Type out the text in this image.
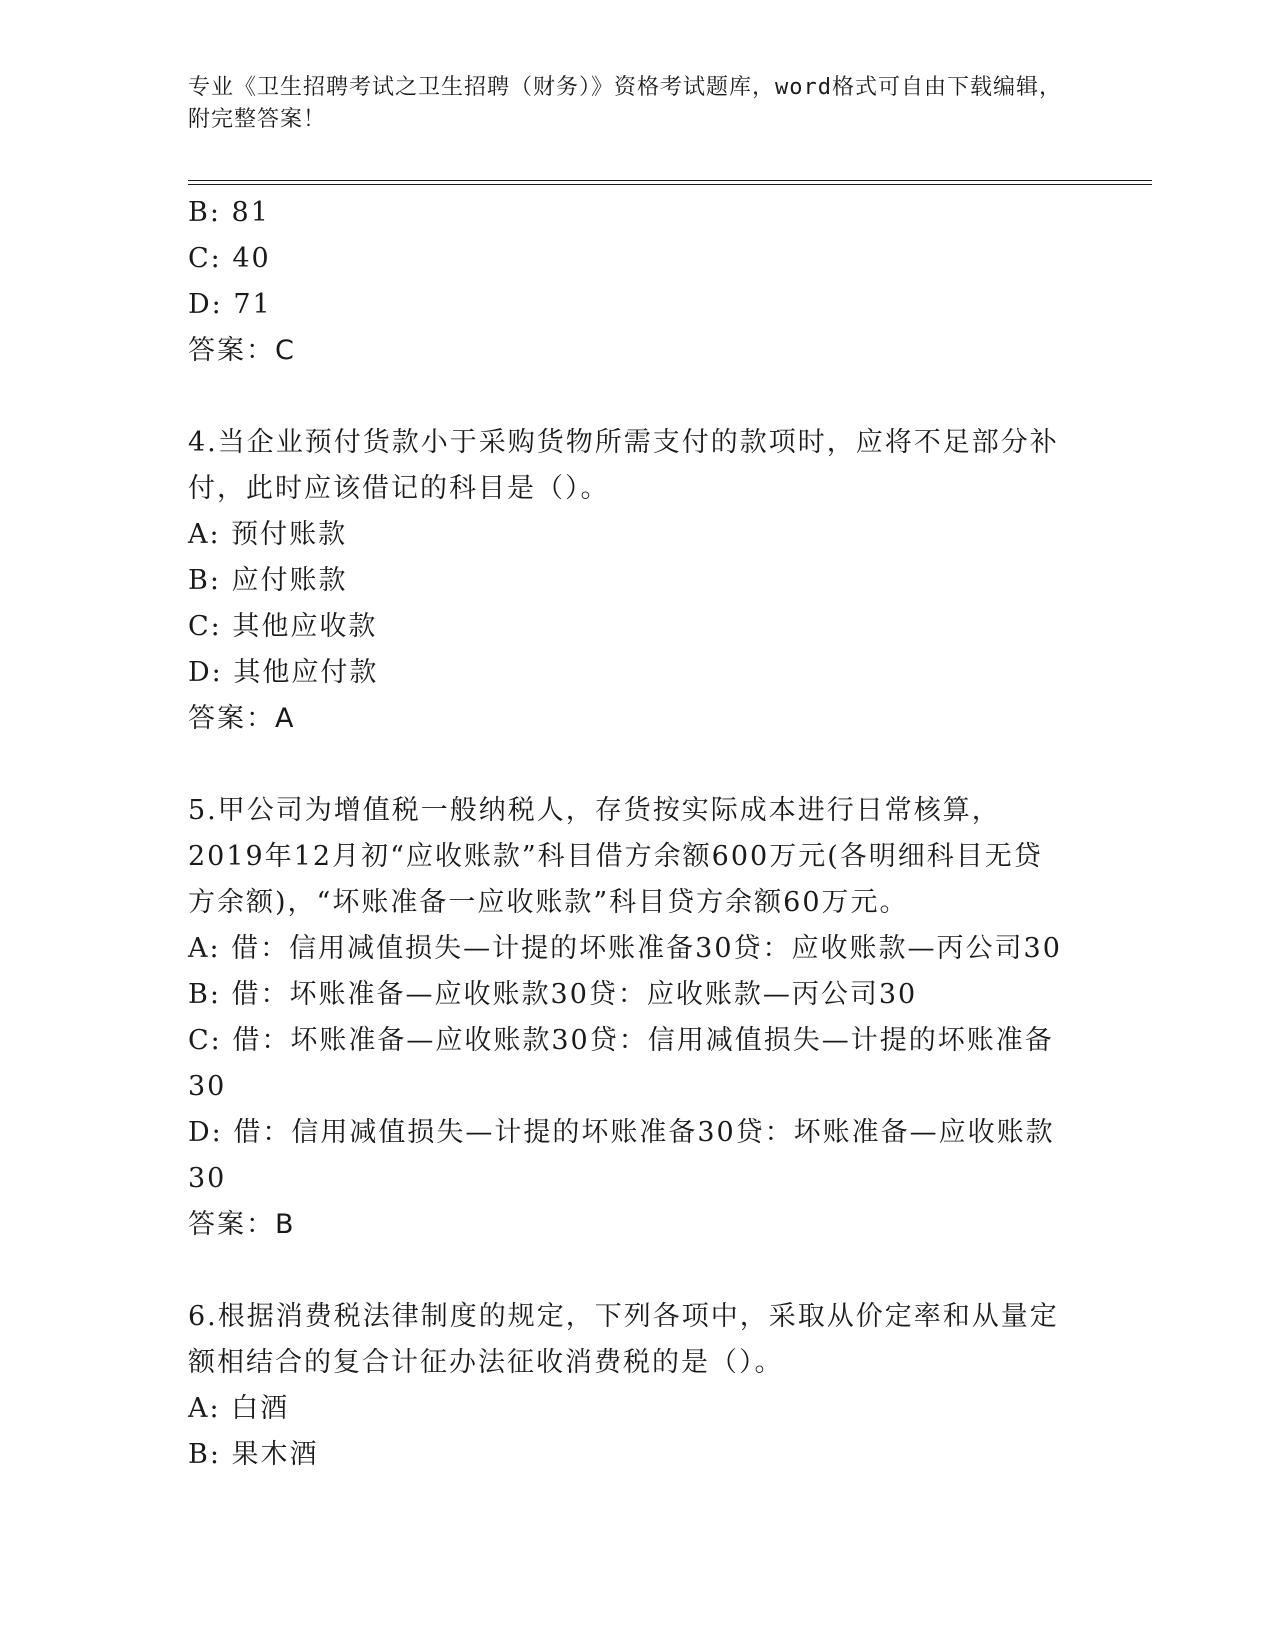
专业《卫生招聘考试之卫生招聘（财务）》资格考试题库，word格式可自由下载编辑，附完整答案！
B: 81
C: 40
D: 71
答案：C
4.当企业预付货款小于采购货物所需支付的款项时，应将不足部分补付，此时应该借记的科目是（）。
A: 预付账款
B: 应付账款
C: 其他应收款
D: 其他应付款
答案：A
5.甲公司为增值税一般纳税人，存货按实际成本进行日常核算，2019年12月初“应收账款”科目借方余额600万元(各明细科目无贷方余额)，“坏账准备一应收账款”科目贷方余额60万元。
A: 借：信用减值损失—计提的坏账准备30贷：应收账款—丙公司30
B: 借：坏账准备—应收账款30贷：应收账款—丙公司30
C: 借：坏账准备—应收账款30贷：信用减值损失—计提的坏账准备30
D: 借：信用减值损失—计提的坏账准备30贷：坏账准备—应收账款30
答案：B
6.根据消费税法律制度的规定，下列各项中，采取从价定率和从量定额相结合的复合计征办法征收消费税的是（）。
A: 白酒
B: 果木酒
